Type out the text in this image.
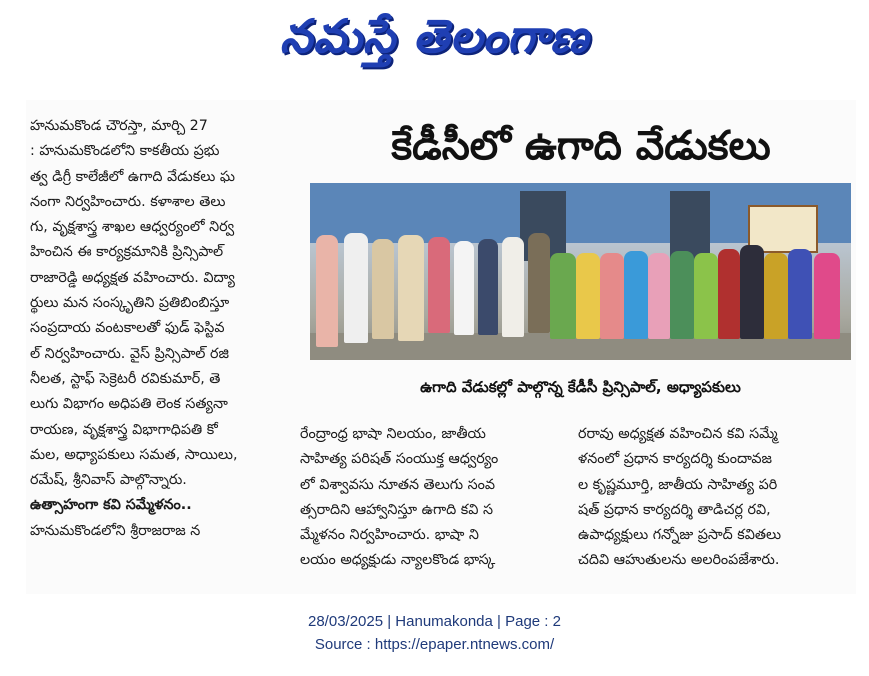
నమస్తే తెలంగాణ

హనుమకొండ చౌరస్తా, మార్చి 27

: హనుమకొండలోని కాకతీయ ప్రభు

త్వ డిగ్రీ కాలేజీలో ఉగాది వేడుకలు ఘ

నంగా నిర్వహించారు. కళాశాల తెలు

గు, వృక్షశాస్త్ర శాఖల ఆధ్వర్యంలో నిర్వ

హించిన ఈ కార్యక్రమానికి ప్రిన్సిపాల్

రాజారెడ్డి అధ్యక్షత వహించారు. విద్యా

ర్థులు మన సంస్కృతిని ప్రతిబింబిస్తూ

సంప్రదాయ వంటకాలతో ఫుడ్ ఫెస్టివ

ల్ నిర్వహించారు. వైస్ ప్రిన్సిపాల్ రజి

నీలత, స్టాఫ్ సెక్రెటరీ రవికుమార్, తె

లుగు విభాగం అధిపతి లెంక సత్యనా

రాయణ, వృక్షశాస్త్ర విభాగాధిపతి కో

మల, అధ్యాపకులు సమత, సాయిలు,

రమేష్, శ్రీనివాస్ పాల్గొన్నారు.

ఉత్సాహంగా కవి సమ్మేళనం..

హనుమకొండలోని శ్రీరాజరాజ న

కేడీసీలో ఉగాది వేడుకలు
ఉగాది వేడుకల్లో పాల్గొన్న కేడీసీ ప్రిన్సిపాల్, అధ్యాపకులు

రేంద్రాంధ్ర భాషా నిలయం, జాతీయ

సాహిత్య పరిషత్ సంయుక్త ఆధ్వర్యం

లో విశ్వావసు నూతన తెలుగు సంవ

త్సరాదిని ఆహ్వానిస్తూ ఉగాది కవి స

మ్మేళనం నిర్వహించారు. భాషా ని

లయం అధ్యక్షుడు న్యాలకొండ భాస్క

రరావు అధ్యక్షత వహించిన కవి సమ్మే

ళనంలో ప్రధాన కార్యదర్శి కుందావజ

ల కృష్ణమూర్తి, జాతీయ సాహిత్య పరి

షత్ ప్రధాన కార్యదర్శి తాడిచర్ల రవి,

ఉపాధ్యక్షులు గన్నోజు ప్రసాద్ కవితలు

చదివి ఆహుతులను అలరింపజేశారు.

28/03/2025 | Hanumakonda | Page : 2
Source : https://epaper.ntnews.com/
